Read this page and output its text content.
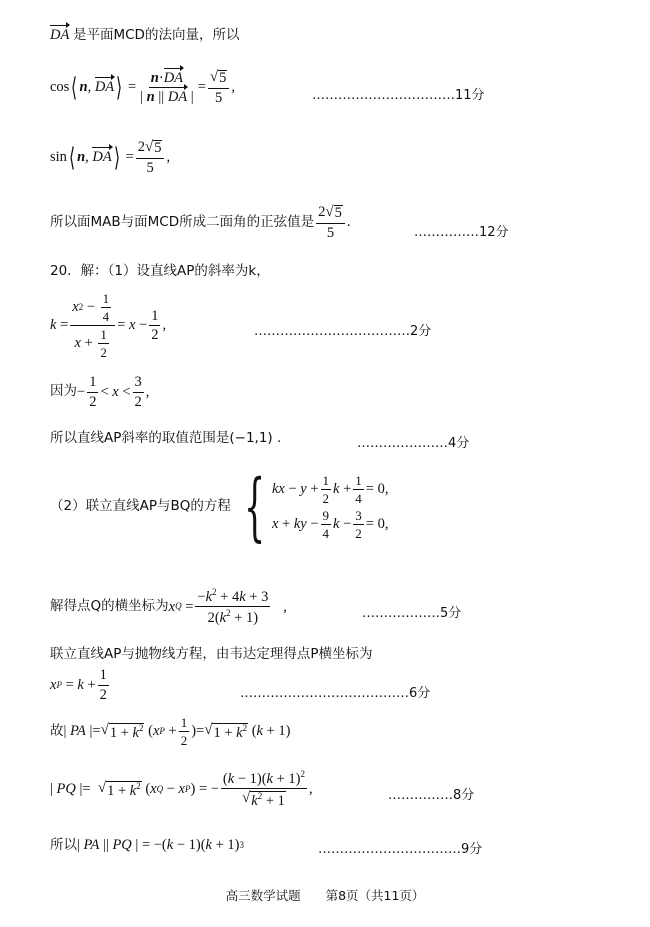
DA 是平面MCD的法向量，所以
cos ⟨ n , DA ⟩ = $\frac{n\cdot DA}{| n || DA |} = \frac{√ 5}{5}$ ,
……………………………11分
sin ⟨ n , DA ⟩ = $\frac{2 √ 5}{5}$ ,
所以面MAB与面MCD所成二面角的正弦值是 $\frac{2 √ 5}{5}$ .
……………12分
20．解：（1）设直线AP的斜率为k，
$k = \frac{x 2 - \frac{1}{4}}{x + \frac{1}{2}} = x - \frac{1}{2}$ ,	………………………………2分
因为 − $\frac{1}{2} < x < \frac{3}{2}$ ,
所以直线AP斜率的取值范围是(−1,1) .	…………………4分
（2）联立直线AP与BQ的方程 { kx − $y + \frac{1}{2}$ $k + \frac{1}{4} = 0$,
x + ky − $\frac{9}{4}$ $k - \frac{3}{2} = 0$,
解得点Q的横坐标为 x $Q = \frac{-k^2 + 4k + 3}{2(k^2 + 1)}$ ,	………………5分
联立直线AP与抛物线方程，由韦达定理得点P横坐标为
x $P = k + \frac{1}{2}$	…………………………………6分
故 | PA |= √ $1 + k^2$ ( x $P + \frac{1}{2}$ )= √ $1 + k^2$ ( k + 1)
| PQ |= √ $1 + k^2$ ( x Q − x P ) = − $\frac{(k - 1)(k + 1)^2}{√ k^2 + 1}$ ,	……………8分
所以 | PA || PQ | = −( k − 1)( k + 1) 3	……………………………9分
高三数学试题　　第8页（共11页）
